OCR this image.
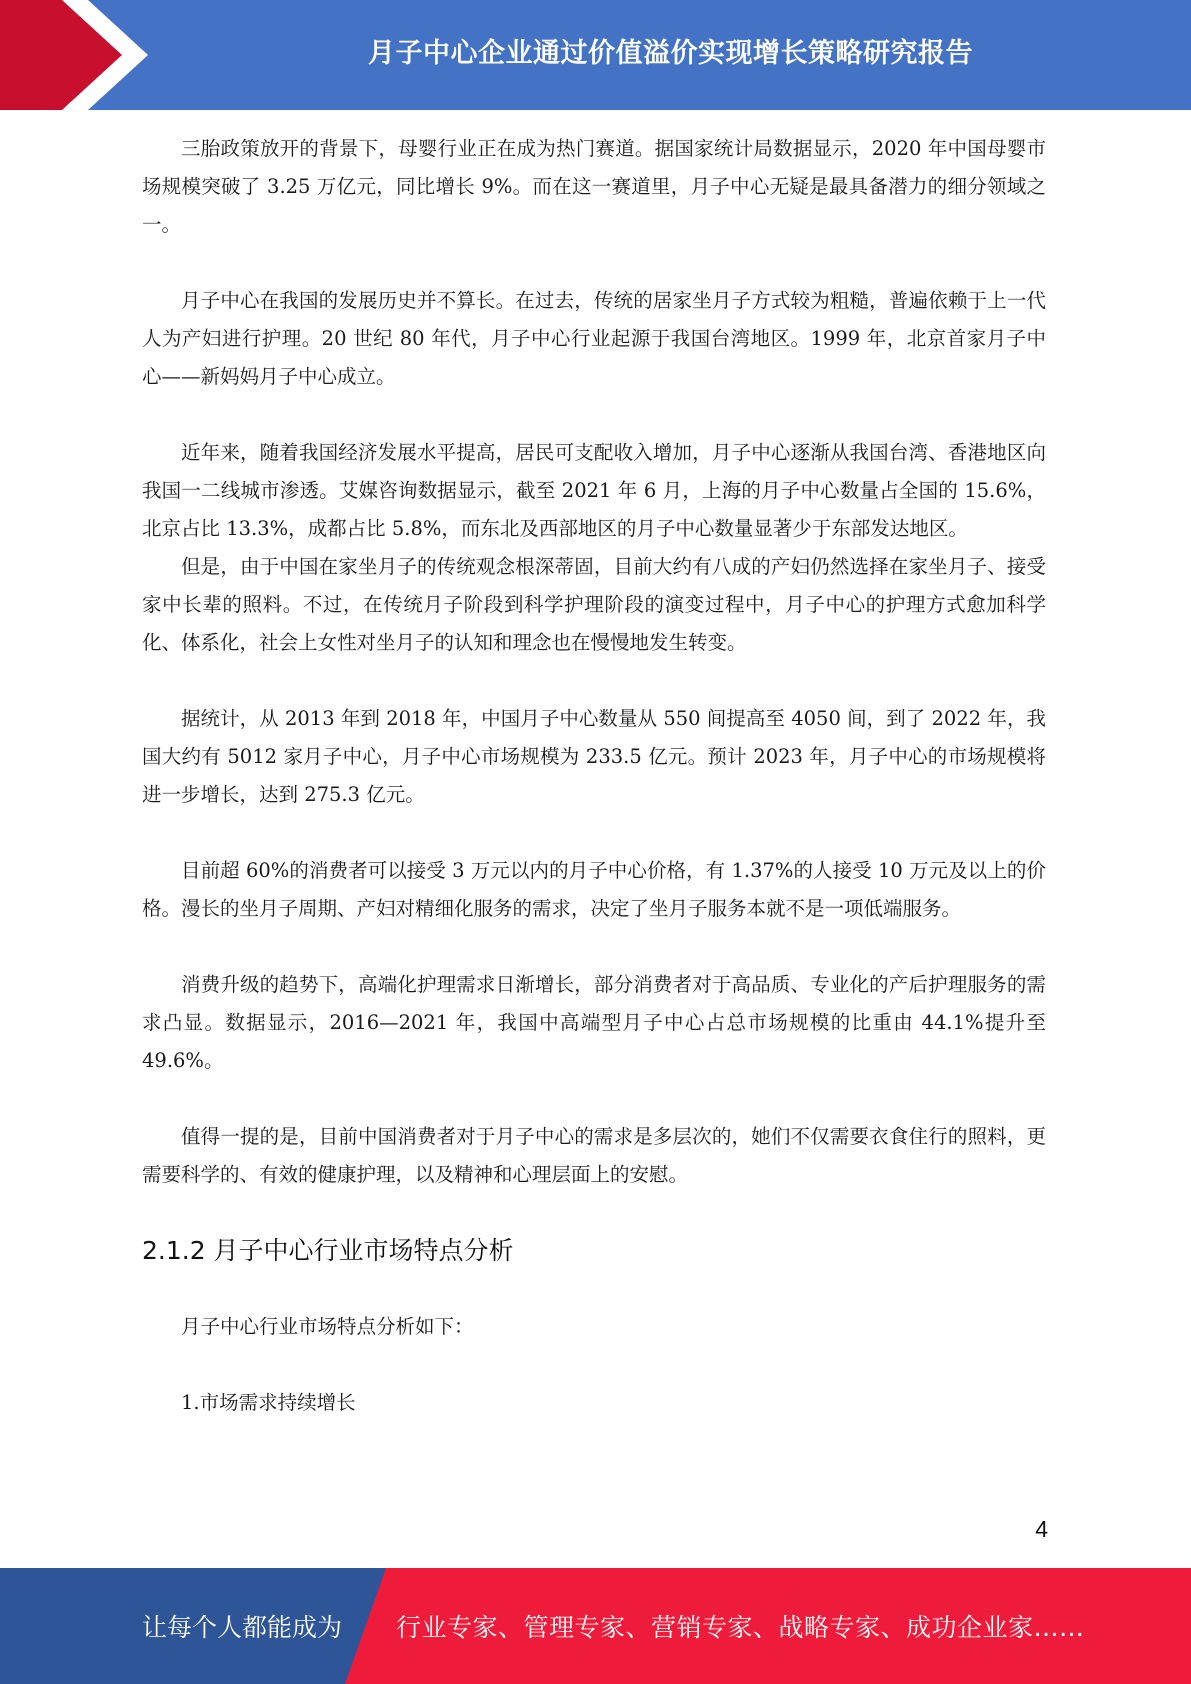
月子中心企业通过价值溢价实现增长策略研究报告

三胎政策放开的背景下，母婴行业正在成为热门赛道。据国家统计局数据显示，2020 年中国母婴市场规模突破了 3.25 万亿元，同比增长 9%。而在这一赛道里，月子中心无疑是最具备潜力的细分领域之一。

月子中心在我国的发展历史并不算长。在过去，传统的居家坐月子方式较为粗糙，普遍依赖于上一代人为产妇进行护理。20 世纪 80 年代，月子中心行业起源于我国台湾地区。1999 年，北京首家月子中心——新妈妈月子中心成立。

近年来，随着我国经济发展水平提高，居民可支配收入增加，月子中心逐渐从我国台湾、香港地区向我国一二线城市渗透。艾媒咨询数据显示，截至 2021 年 6 月，上海的月子中心数量占全国的 15.6%，北京占比 13.3%，成都占比 5.8%，而东北及西部地区的月子中心数量显著少于东部发达地区。

但是，由于中国在家坐月子的传统观念根深蒂固，目前大约有八成的产妇仍然选择在家坐月子、接受家中长辈的照料。不过，在传统月子阶段到科学护理阶段的演变过程中，月子中心的护理方式愈加科学化、体系化，社会上女性对坐月子的认知和理念也在慢慢地发生转变。

据统计，从 2013 年到 2018 年，中国月子中心数量从 550 间提高至 4050 间，到了 2022 年，我国大约有 5012 家月子中心，月子中心市场规模为 233.5 亿元。预计 2023 年，月子中心的市场规模将进一步增长，达到 275.3 亿元。

目前超 60%的消费者可以接受 3 万元以内的月子中心价格，有 1.37%的人接受 10 万元及以上的价格。漫长的坐月子周期、产妇对精细化服务的需求，决定了坐月子服务本就不是一项低端服务。

消费升级的趋势下，高端化护理需求日渐增长，部分消费者对于高品质、专业化的产后护理服务的需求凸显。数据显示，2016—2021 年，我国中高端型月子中心占总市场规模的比重由 44.1%提升至 49.6%。

值得一提的是，目前中国消费者对于月子中心的需求是多层次的，她们不仅需要衣食住行的照料，更需要科学的、有效的健康护理，以及精神和心理层面上的安慰。

2.1.2 月子中心行业市场特点分析

月子中心行业市场特点分析如下：

1.市场需求持续增长
4
让每个人都能成为 行业专家、管理专家、营销专家、战略专家、成功企业家……
